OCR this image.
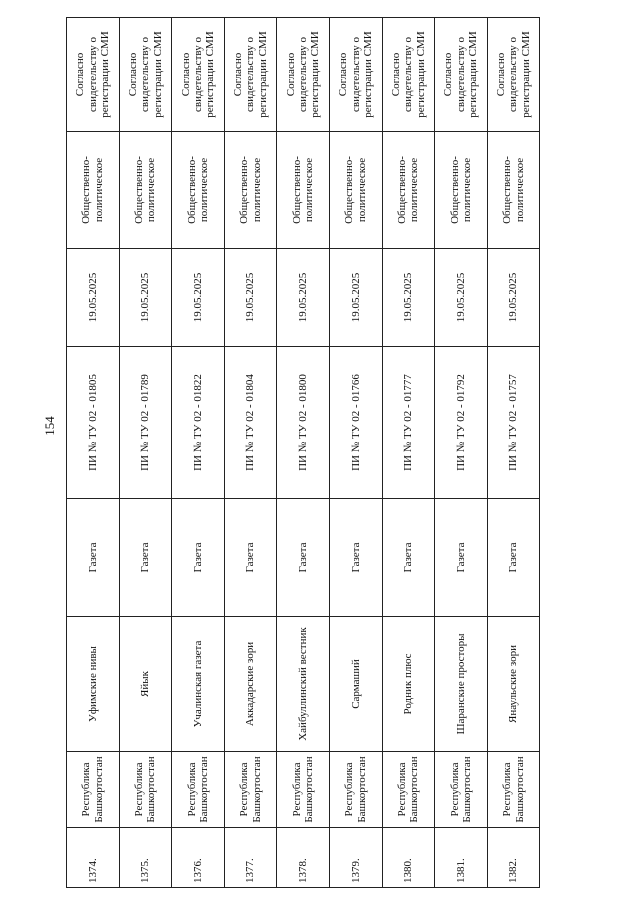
154
1374.	Республика Башкортостан	Уфимские нивы	Газета	ПИ № ТУ 02 - 01805	19.05.2025	Общественно-политическое	Согласно свидетельству о регистрации СМИ
1375.	Республика Башкортостан	Яйык	Газета	ПИ № ТУ 02 - 01789	19.05.2025	Общественно-политическое	Согласно свидетельству о регистрации СМИ
1376.	Республика Башкортостан	Учалинская газета	Газета	ПИ № ТУ 02 - 01822	19.05.2025	Общественно-политическое	Согласно свидетельству о регистрации СМИ
1377.	Республика Башкортостан	Аккадарские зори	Газета	ПИ № ТУ 02 - 01804	19.05.2025	Общественно-политическое	Согласно свидетельству о регистрации СМИ
1378.	Республика Башкортостан	Хайбуллинский вестник	Газета	ПИ № ТУ 02 - 01800	19.05.2025	Общественно-политическое	Согласно свидетельству о регистрации СМИ
1379.	Республика Башкортостан	Сармаший	Газета	ПИ № ТУ 02 - 01766	19.05.2025	Общественно-политическое	Согласно свидетельству о регистрации СМИ
1380.	Республика Башкортостан	Родник плюс	Газета	ПИ № ТУ 02 - 01777	19.05.2025	Общественно-политическое	Согласно свидетельству о регистрации СМИ
1381.	Республика Башкортостан	Шаранские просторы	Газета	ПИ № ТУ 02 - 01792	19.05.2025	Общественно-политическое	Согласно свидетельству о регистрации СМИ
1382.	Республика Башкортостан	Янаульские зори	Газета	ПИ № ТУ 02 - 01757	19.05.2025	Общественно-политическое	Согласно свидетельству о регистрации СМИ
